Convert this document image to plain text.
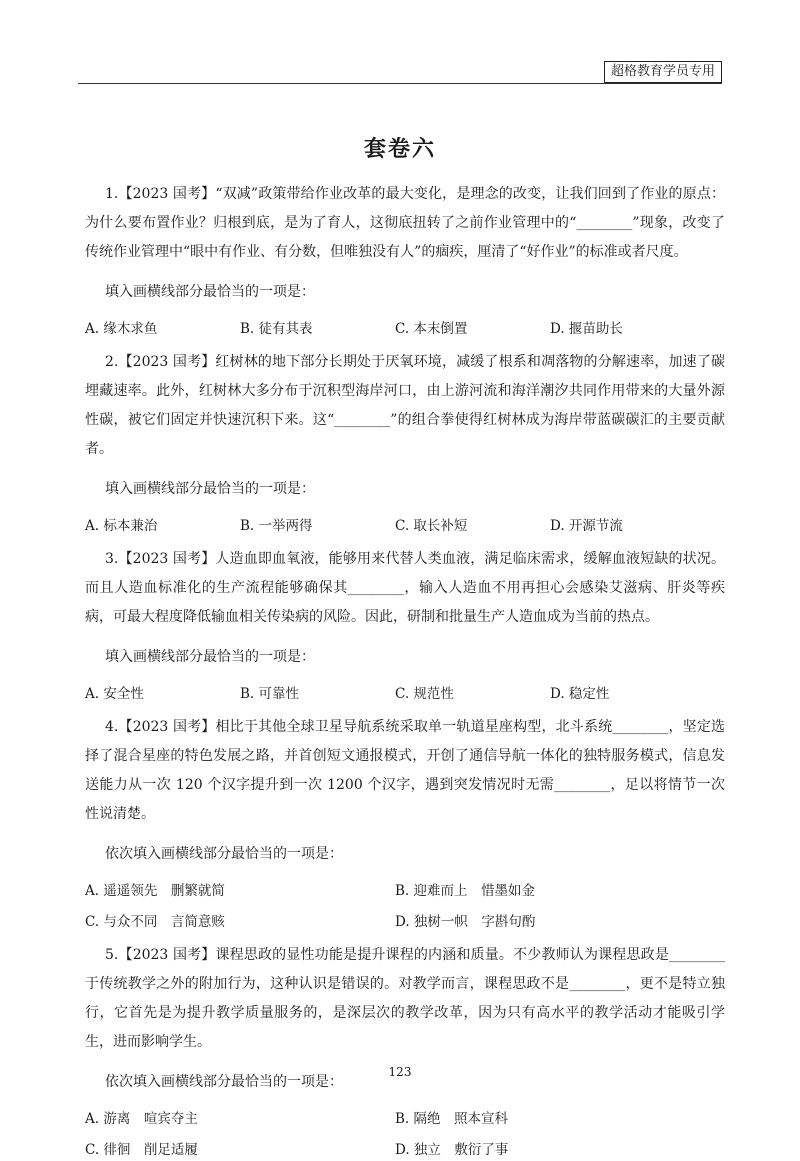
超格教育学员专用
套卷六

1.【2023 国考】“双减”政策带给作业改革的最大变化，是理念的改变，让我们回到了作业的原点：为什么要布置作业？归根到底，是为了育人，这彻底扭转了之前作业管理中的“________”现象，改变了传统作业管理中“眼中有作业、有分数，但唯独没有人”的痼疾，厘清了“好作业”的标准或者尺度。

填入画横线部分最恰当的一项是：

A. 缘木求鱼	B. 徒有其表	C. 本末倒置	D. 揠苗助长

2.【2023 国考】红树林的地下部分长期处于厌氧环境，减缓了根系和凋落物的分解速率，加速了碳埋藏速率。此外，红树林大多分布于沉积型海岸河口，由上游河流和海洋潮汐共同作用带来的大量外源性碳，被它们固定并快速沉积下来。这“________”的组合拳使得红树林成为海岸带蓝碳碳汇的主要贡献者。

填入画横线部分最恰当的一项是：

A. 标本兼治	B. 一举两得	C. 取长补短	D. 开源节流

3.【2023 国考】人造血即血氧液，能够用来代替人类血液，满足临床需求，缓解血液短缺的状况。而且人造血标准化的生产流程能够确保其________，输入人造血不用再担心会感染艾滋病、肝炎等疾病，可最大程度降低输血相关传染病的风险。因此，研制和批量生产人造血成为当前的热点。

填入画横线部分最恰当的一项是：

A. 安全性	B. 可靠性	C. 规范性	D. 稳定性

4.【2023 国考】相比于其他全球卫星导航系统采取单一轨道星座构型，北斗系统________，坚定选择了混合星座的特色发展之路，并首创短文通报模式，开创了通信导航一体化的独特服务模式，信息发送能力从一次 120 个汉字提升到一次 1200 个汉字，遇到突发情况时无需________，足以将情节一次性说清楚。

依次填入画横线部分最恰当的一项是：

A. 遥遥领先　删繁就简	B. 迎难而上　惜墨如金
C. 与众不同　言简意赅	D. 独树一帜　字斟句酌

5.【2023 国考】课程思政的显性功能是提升课程的内涵和质量。不少教师认为课程思政是________于传统教学之外的附加行为，这种认识是错误的。对教学而言，课程思政不是________，更不是特立独行，它首先是为提升教学质量服务的，是深层次的教学改革，因为只有高水平的教学活动才能吸引学生，进而影响学生。

依次填入画横线部分最恰当的一项是：

A. 游离　喧宾夺主	B. 隔绝　照本宣科
C. 徘徊　削足适履	D. 独立　敷衍了事
123
